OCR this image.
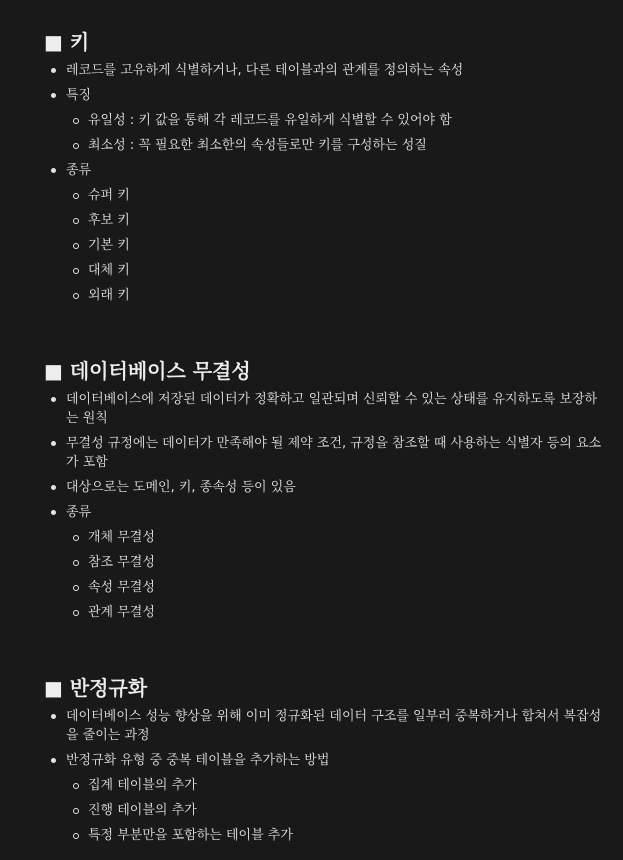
■ 키
레코드를 고유하게 식별하거나, 다른 테이블과의 관계를 정의하는 속성
특징
유일성 : 키 값을 통해 각 레코드를 유일하게 식별할 수 있어야 함
최소성 : 꼭 필요한 최소한의 속성들로만 키를 구성하는 성질
종류
슈퍼 키
후보 키
기본 키
대체 키
외래 키
■ 데이터베이스 무결성
데이터베이스에 저장된 데이터가 정확하고 일관되며 신뢰할 수 있는 상태를 유지하도록 보장하는 원칙
무결성 규정에는 데이터가 만족해야 될 제약 조건, 규정을 참조할 때 사용하는 식별자 등의 요소가 포함
대상으로는 도메인, 키, 종속성 등이 있음
종류
개체 무결성
참조 무결성
속성 무결성
관계 무결성
■ 반정규화
데이터베이스 성능 향상을 위해 이미 정규화된 데이터 구조를 일부러 중복하거나 합쳐서 복잡성을 줄이는 과정
반정규화 유형 중 중복 테이블을 추가하는 방법
집계 테이블의 추가
진행 테이블의 추가
특정 부분만을 포함하는 테이블 추가
